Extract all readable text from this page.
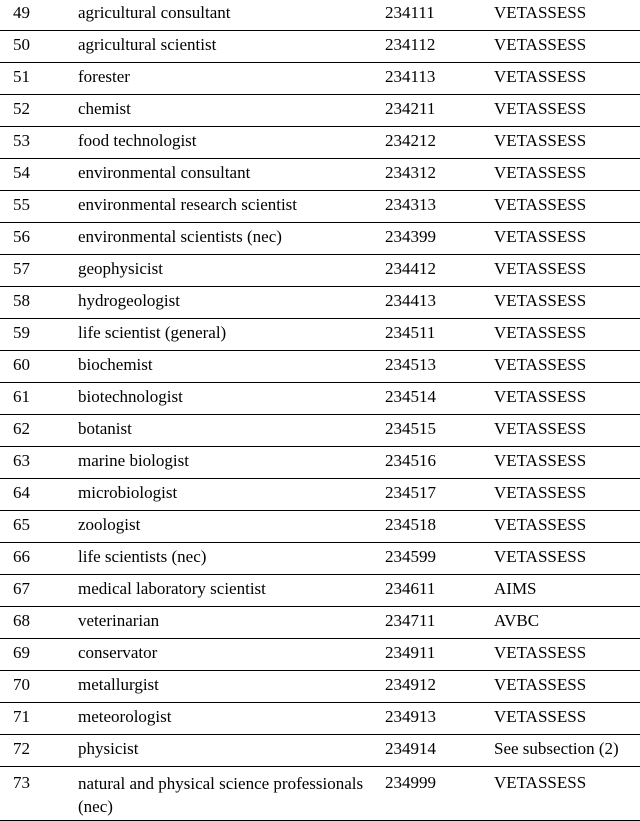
49	agricultural consultant	234111	VETASSESS
50	agricultural scientist	234112	VETASSESS
51	forester	234113	VETASSESS
52	chemist	234211	VETASSESS
53	food technologist	234212	VETASSESS
54	environmental consultant	234312	VETASSESS
55	environmental research scientist	234313	VETASSESS
56	environmental scientists (nec)	234399	VETASSESS
57	geophysicist	234412	VETASSESS
58	hydrogeologist	234413	VETASSESS
59	life scientist (general)	234511	VETASSESS
60	biochemist	234513	VETASSESS
61	biotechnologist	234514	VETASSESS
62	botanist	234515	VETASSESS
63	marine biologist	234516	VETASSESS
64	microbiologist	234517	VETASSESS
65	zoologist	234518	VETASSESS
66	life scientists (nec)	234599	VETASSESS
67	medical laboratory scientist	234611	AIMS
68	veterinarian	234711	AVBC
69	conservator	234911	VETASSESS
70	metallurgist	234912	VETASSESS
71	meteorologist	234913	VETASSESS
72	physicist	234914	See subsection (2)
73	natural and physical science professionals (nec)	234999	VETASSESS
